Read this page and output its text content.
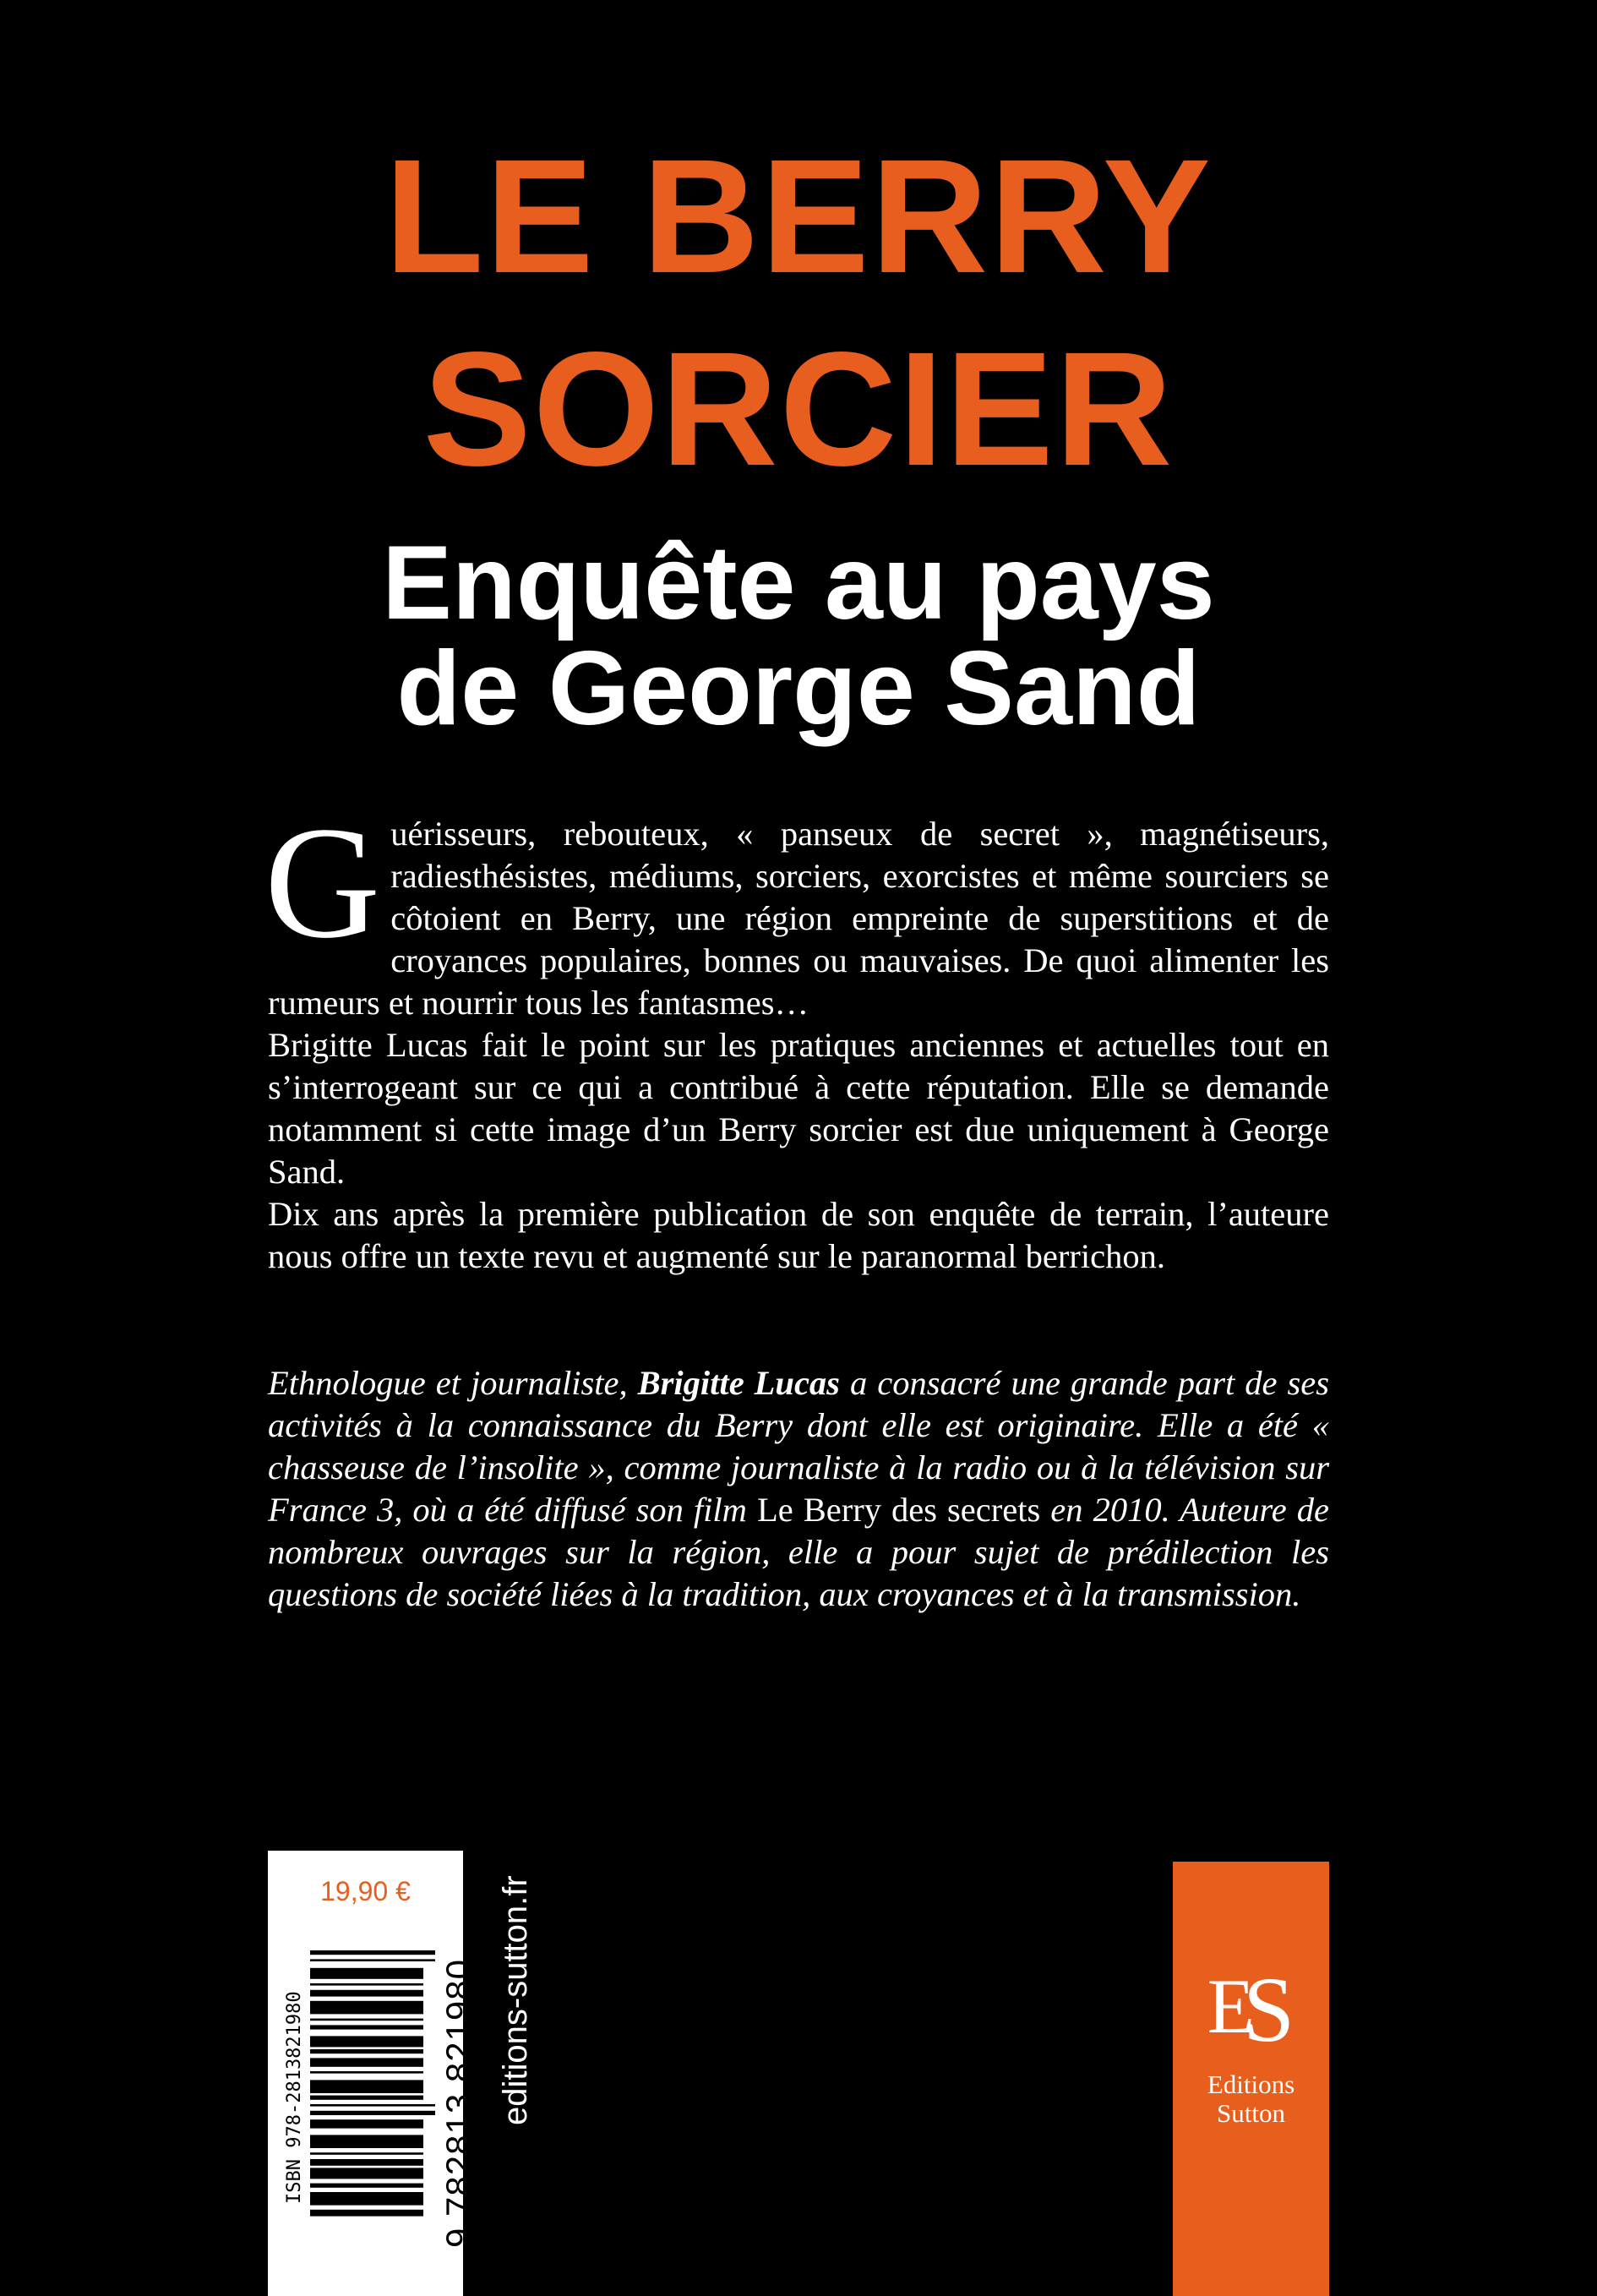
LE BERRY
SORCIER
Enquête au pays
de George Sand

Guérisseurs, rebouteux, « panseux de secret », magnétiseurs, radiesthésistes, médiums, sorciers, exorcistes et même sourciers se côtoient en Berry, une région empreinte de superstitions et de croyances populaires, bonnes ou mauvaises. De quoi alimenter les rumeurs et nourrir tous les fantasmes…

Brigitte Lucas fait le point sur les pratiques anciennes et actuelles tout en s’interrogeant sur ce qui a contribué à cette réputation. Elle se demande notamment si cette image d’un Berry sorcier est due uniquement à George Sand.

Dix ans après la première publication de son enquête de terrain, l’auteure nous offre un texte revu et augmenté sur le paranormal berrichon.

Ethnologue et journaliste, Brigitte Lucas a consacré une grande part de ses activités à la connaissance du Berry dont elle est originaire. Elle a été « chasseuse de l’insolite », comme journaliste à la radio ou à la télévision sur France 3, où a été diffusé son film Le Berry des secrets en 2010. Auteure de nombreux ouvrages sur la région, elle a pour sujet de prédilection les questions de société liées à la tradition, aux croyances et à la transmission.

19,90 €
ISBN 978-2813821980	9 782813 821980 editions-sutton.fr	ES
Editions
Sutton
